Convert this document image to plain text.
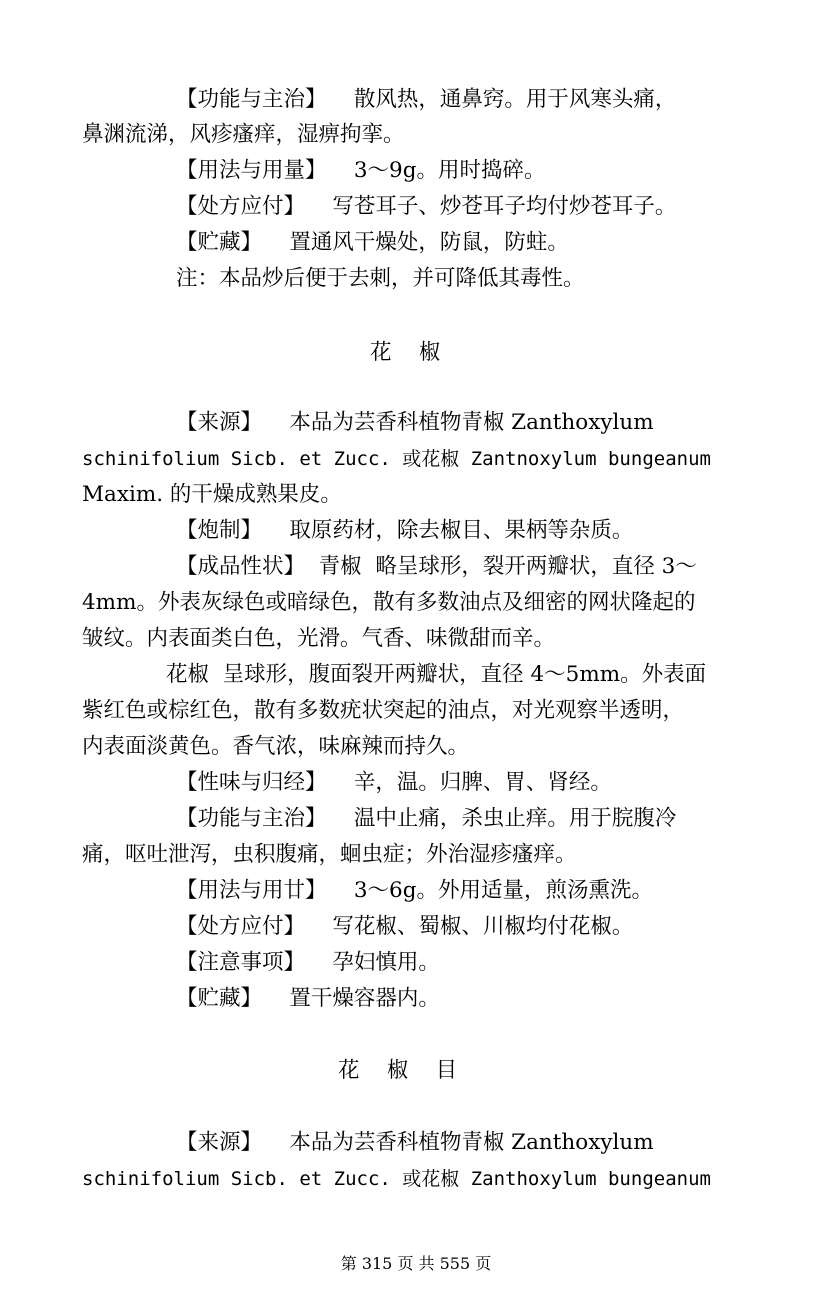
【功能与主治】    散风热，通鼻窍。用于风寒头痛，
鼻渊流涕，风疹瘙痒，湿痹拘挛。
【用法与用量】    3～9g。用时捣碎。
【处方应付】    写苍耳子、炒苍耳子均付炒苍耳子。
【贮藏】    置通风干燥处，防鼠，防蛀。
注：本品炒后便于去刺，并可降低其毒性。
花    椒
【来源】    本品为芸香科植物青椒 Zanthoxylum
schinifolium Sicb. et Zucc. 或花椒 Zantnoxylum bungeanum
Maxim. 的干燥成熟果皮。
【炮制】    取原药材，除去椒目、果柄等杂质。
【成品性状】  青椒  略呈球形，裂开两瓣状，直径 3～
4mm。外表灰绿色或暗绿色，散有多数油点及细密的网状隆起的
皱纹。内表面类白色，光滑。气香、味微甜而辛。
花椒  呈球形，腹面裂开两瓣状，直径 4～5mm。外表面
紫红色或棕红色，散有多数疣状突起的油点，对光观察半透明，
内表面淡黄色。香气浓，味麻辣而持久。
【性味与归经】    辛，温。归脾、胃、肾经。
【功能与主治】    温中止痛，杀虫止痒。用于脘腹冷
痛，呕吐泄泻，虫积腹痛，蛔虫症；外治湿疹瘙痒。
【用法与用廿】    3～6g。外用适量，煎汤熏洗。
【处方应付】    写花椒、蜀椒、川椒均付花椒。
【注意事项】    孕妇慎用。
【贮藏】    置干燥容器内。
花    椒    目
【来源】    本品为芸香科植物青椒 Zanthoxylum
schinifolium Sicb. et Zucc. 或花椒 Zanthoxylum bungeanum
第 315 页 共 555 页
